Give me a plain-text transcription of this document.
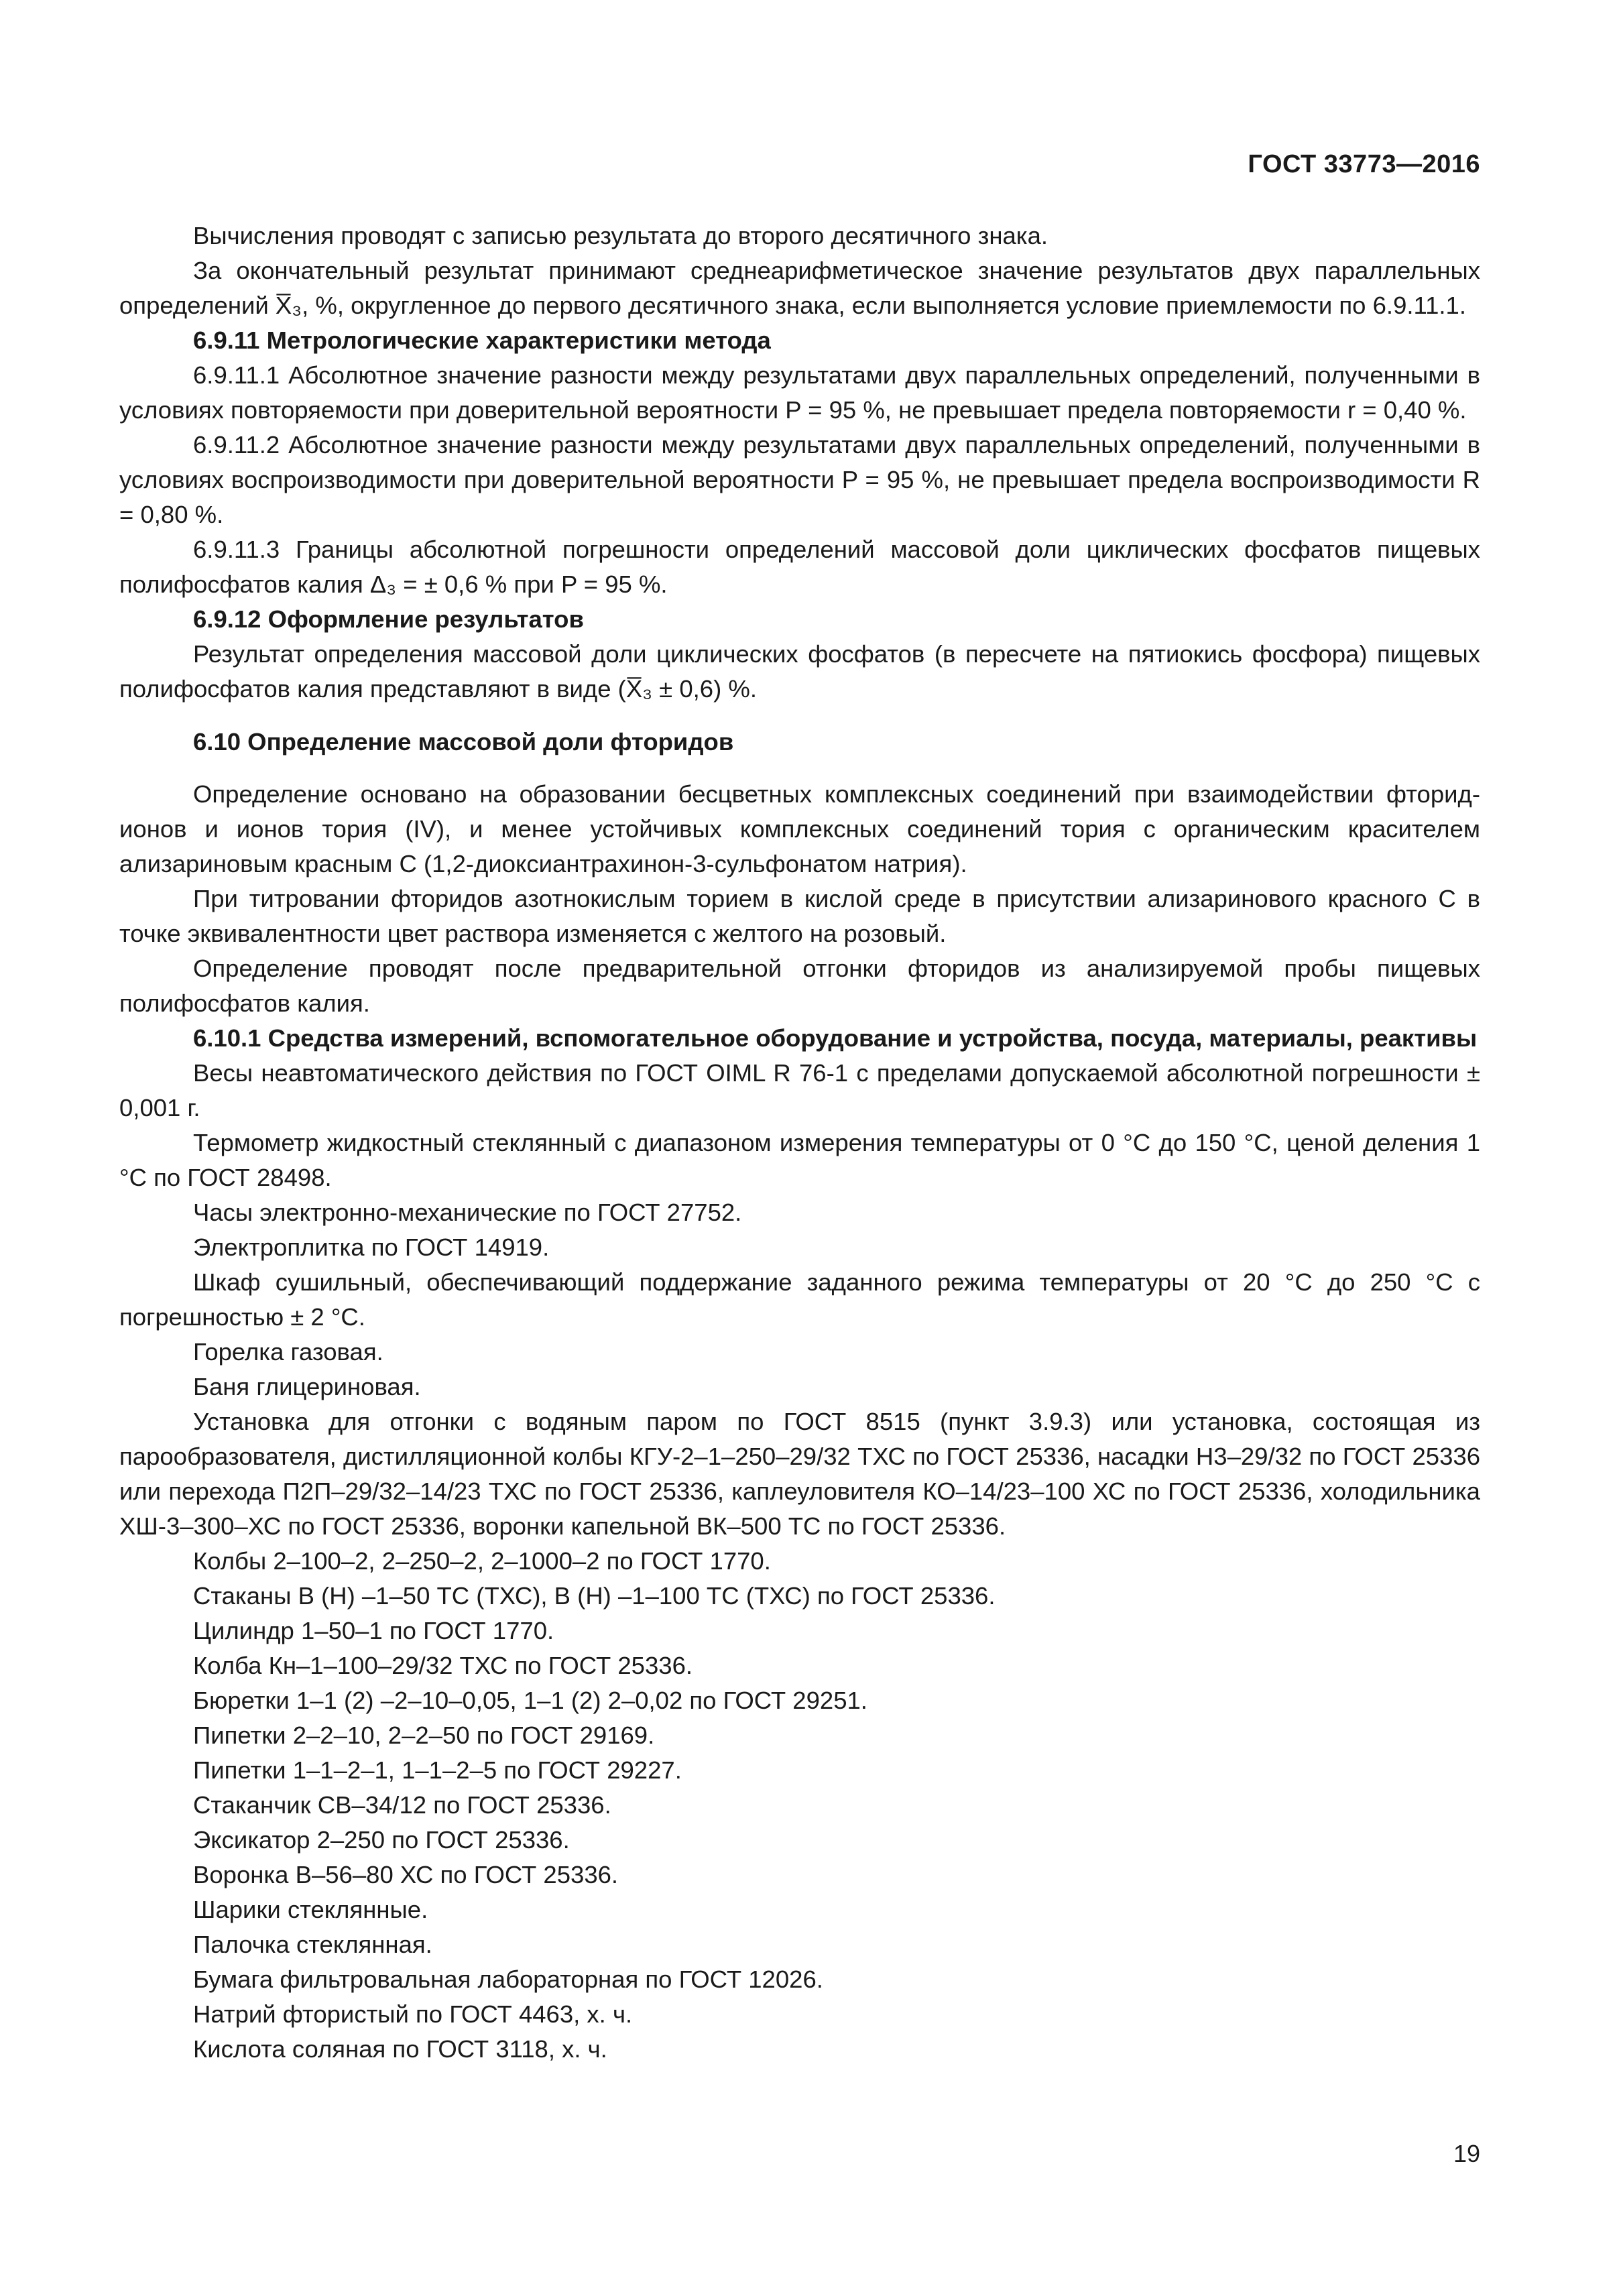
ГОСТ 33773—2016

Вычисления проводят с записью результата до второго десятичного знака.

За окончательный результат принимают среднеарифметическое значение результатов двух параллельных определений X̅₃, %, округленное до первого десятичного знака, если выполняется условие приемлемости по 6.9.11.1.

6.9.11 Метрологические характеристики метода

6.9.11.1 Абсолютное значение разности между результатами двух параллельных определений, полученными в условиях повторяемости при доверительной вероятности P = 95 %, не превышает предела повторяемости r = 0,40 %.

6.9.11.2 Абсолютное значение разности между результатами двух параллельных определений, полученными в условиях воспроизводимости при доверительной вероятности P = 95 %, не превышает предела воспроизводимости R = 0,80 %.

6.9.11.3 Границы абсолютной погрешности определений массовой доли циклических фосфатов пищевых полифосфатов калия Δ₃ = ± 0,6 % при P = 95 %.

6.9.12 Оформление результатов

Результат определения массовой доли циклических фосфатов (в пересчете на пятиокись фосфора) пищевых полифосфатов калия представляют в виде (X̅₃ ± 0,6) %.

6.10 Определение массовой доли фторидов

Определение основано на образовании бесцветных комплексных соединений при взаимодействии фторид-ионов и ионов тория (IV), и менее устойчивых комплексных соединений тория с органическим красителем ализариновым красным С (1,2-диоксиантрахинон-3-сульфонатом натрия).

При титровании фторидов азотнокислым торием в кислой среде в присутствии ализаринового красного С в точке эквивалентности цвет раствора изменяется с желтого на розовый.

Определение проводят после предварительной отгонки фторидов из анализируемой пробы пищевых полифосфатов калия.

6.10.1 Средства измерений, вспомогательное оборудование и устройства, посуда, материалы, реактивы

Весы неавтоматического действия по ГОСТ OIML R 76-1 с пределами допускаемой абсолютной погрешности ± 0,001 г.

Термометр жидкостный стеклянный с диапазоном измерения температуры от 0 °С до 150 °С, ценой деления 1 °С по ГОСТ 28498.

Часы электронно-механические по ГОСТ 27752.

Электроплитка по ГОСТ 14919.

Шкаф сушильный, обеспечивающий поддержание заданного режима температуры от 20 °С до 250 °С с погрешностью ± 2 °С.

Горелка газовая.

Баня глицериновая.

Установка для отгонки с водяным паром по ГОСТ 8515 (пункт 3.9.3) или установка, состоящая из парообразователя, дистилляционной колбы КГУ-2–1–250–29/32 ТХС по ГОСТ 25336, насадки Н3–29/32 по ГОСТ 25336 или перехода П2П–29/32–14/23 ТХС по ГОСТ 25336, каплеуловителя КО–14/23–100 ХС по ГОСТ 25336, холодильника ХШ-3–300–ХС по ГОСТ 25336, воронки капельной ВК–500 ТС по ГОСТ 25336.

Колбы 2–100–2, 2–250–2, 2–1000–2 по ГОСТ 1770.

Стаканы В (Н) –1–50 ТС (ТХС), В (Н) –1–100 ТС (ТХС) по ГОСТ 25336.

Цилиндр 1–50–1 по ГОСТ 1770.

Колба Кн–1–100–29/32 ТХС по ГОСТ 25336.

Бюретки 1–1 (2) –2–10–0,05, 1–1 (2) 2–0,02 по ГОСТ 29251.

Пипетки 2–2–10, 2–2–50 по ГОСТ 29169.

Пипетки 1–1–2–1, 1–1–2–5 по ГОСТ 29227.

Стаканчик СВ–34/12 по ГОСТ 25336.

Эксикатор 2–250 по ГОСТ 25336.

Воронка В–56–80 ХС по ГОСТ 25336.

Шарики стеклянные.

Палочка стеклянная.

Бумага фильтровальная лабораторная по ГОСТ 12026.

Натрий фтористый по ГОСТ 4463, х. ч.

Кислота соляная по ГОСТ 3118, х. ч.

19
